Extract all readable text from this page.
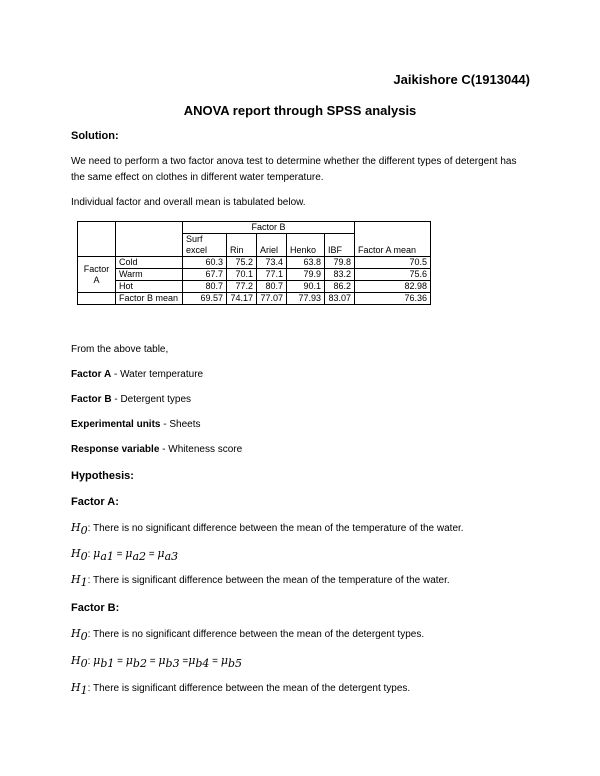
Jaikishore C(1913044)
ANOVA report through SPSS analysis
Solution:
We need to perform a two factor anova test to determine whether the different types of detergent has
the same effect on clothes in different water temperature.
Individual factor and overall mean is tabulated below.
		Factor B					
		Surf excel	Rin	Ariel	Henko	IBF	Factor A mean
Factor A	Cold	60.3	75.2	73.4	63.8	79.8	70.5
	Warm	67.7	70.1	77.1	79.9	83.2	75.6
	Hot	80.7	77.2	80.7	90.1	86.2	82.98
	Factor B mean	69.57	74.17	77.07	77.93	83.07	76.36
From the above table,
Factor A - Water temperature
Factor B - Detergent types
Experimental units - Sheets
Response variable - Whiteness score
Hypothesis:
Factor A:
$H_0$: There is no significant difference between the mean of the temperature of the water.
$H_0$: $\mu_{a1} = \mu_{a2} = \mu_{a3}$
$H_1$: There is significant difference between the mean of the temperature of the water.
Factor B:
$H_0$: There is no significant difference between the mean of the detergent types.
$H_0$: $\mu_{b1} = \mu_{b2} = \mu_{b3} =\mu_{b4} = \mu_{b5}$
$H_1$: There is significant difference between the mean of the detergent types.
